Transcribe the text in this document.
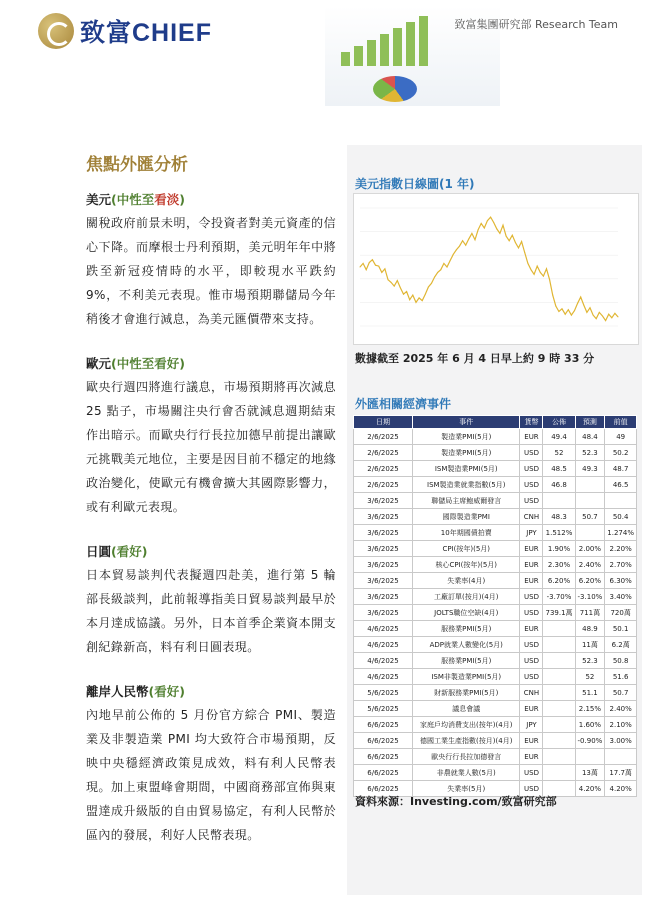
致富CHIEF	致富集團研究部 Research Team
焦點外匯分析
美元(中性至看淡)

關稅政府前景未明，令投資者對美元資產的信心下降。而摩根士丹利預期，美元明年年中將跌至新冠疫情時的水平，即較現水平跌約 9%，不利美元表現。惟市場預期聯儲局今年稍後才會進行減息，為美元匯價帶來支持。

歐元(中性至看好)

歐央行週四將進行議息，市場預期將再次減息 25 點子，市場關注央行會否就減息週期結束作出暗示。而歐央行行長拉加德早前提出讓歐元挑戰美元地位，主要是因目前不穩定的地緣政治變化，使歐元有機會擴大其國際影響力，或有利歐元表現。

日圓(看好)

日本貿易談判代表擬週四赴美，進行第 5 輪部長級談判，此前報導指美日貿易談判最早於本月達成協議。另外，日本首季企業資本開支創紀錄新高，料有利日圓表現。

離岸人民幣(看好)

內地早前公佈的 5 月份官方綜合 PMI、製造業及非製造業 PMI 均大致符合市場預期，反映中央穩經濟政策見成效，料有利人民幣表現。加上東盟峰會期間，中國商務部宣佈與東盟達成升級版的自由貿易協定，有利人民幣於區內的發展，利好人民幣表現。

美元指數日線圖(1 年)
數據截至 2025 年 6 月 4 日早上約 9 時 33 分
外匯相關經濟事件
日期	事件	貨幣	公佈	預測	前值
2/6/2025	製造業PMI(5月)	EUR	49.4	48.4	49
2/6/2025	製造業PMI(5月)	USD	52	52.3	50.2
2/6/2025	ISM製造業PMI(5月)	USD	48.5	49.3	48.7
2/6/2025	ISM製造業就業指數(5月)	USD	46.8		46.5
3/6/2025	聯儲局主席鮑威爾發言	USD			
3/6/2025	國際製造業PMI	CNH	48.3	50.7	50.4
3/6/2025	10年期國債拍賣	JPY	1.512%		1.274%
3/6/2025	CPI(按年)(5月)	EUR	1.90%	2.00%	2.20%
3/6/2025	核心CPI(按年)(5月)	EUR	2.30%	2.40%	2.70%
3/6/2025	失業率(4月)	EUR	6.20%	6.20%	6.30%
3/6/2025	工廠訂單(按月)(4月)	USD	-3.70%	-3.10%	3.40%
3/6/2025	JOLTS職位空缺(4月)	USD	739.1萬	711萬	720萬
4/6/2025	服務業PMI(5月)	EUR		48.9	50.1
4/6/2025	ADP就業人數變化(5月)	USD		11萬	6.2萬
4/6/2025	服務業PMI(5月)	USD		52.3	50.8
4/6/2025	ISM非製造業PMI(5月)	USD		52	51.6
5/6/2025	財新服務業PMI(5月)	CNH		51.1	50.7
5/6/2025	議息會議	EUR		2.15%	2.40%
6/6/2025	家庭戶均消費支出(按年)(4月)	JPY		1.60%	2.10%
6/6/2025	德國工業生產指數(按月)(4月)	EUR		-0.90%	3.00%
6/6/2025	歐央行行長拉加德發言	EUR			
6/6/2025	非農就業人數(5月)	USD		13萬	17.7萬
6/6/2025	失業率(5月)	USD		4.20%	4.20%
資料來源：Investing.com/致富研究部
